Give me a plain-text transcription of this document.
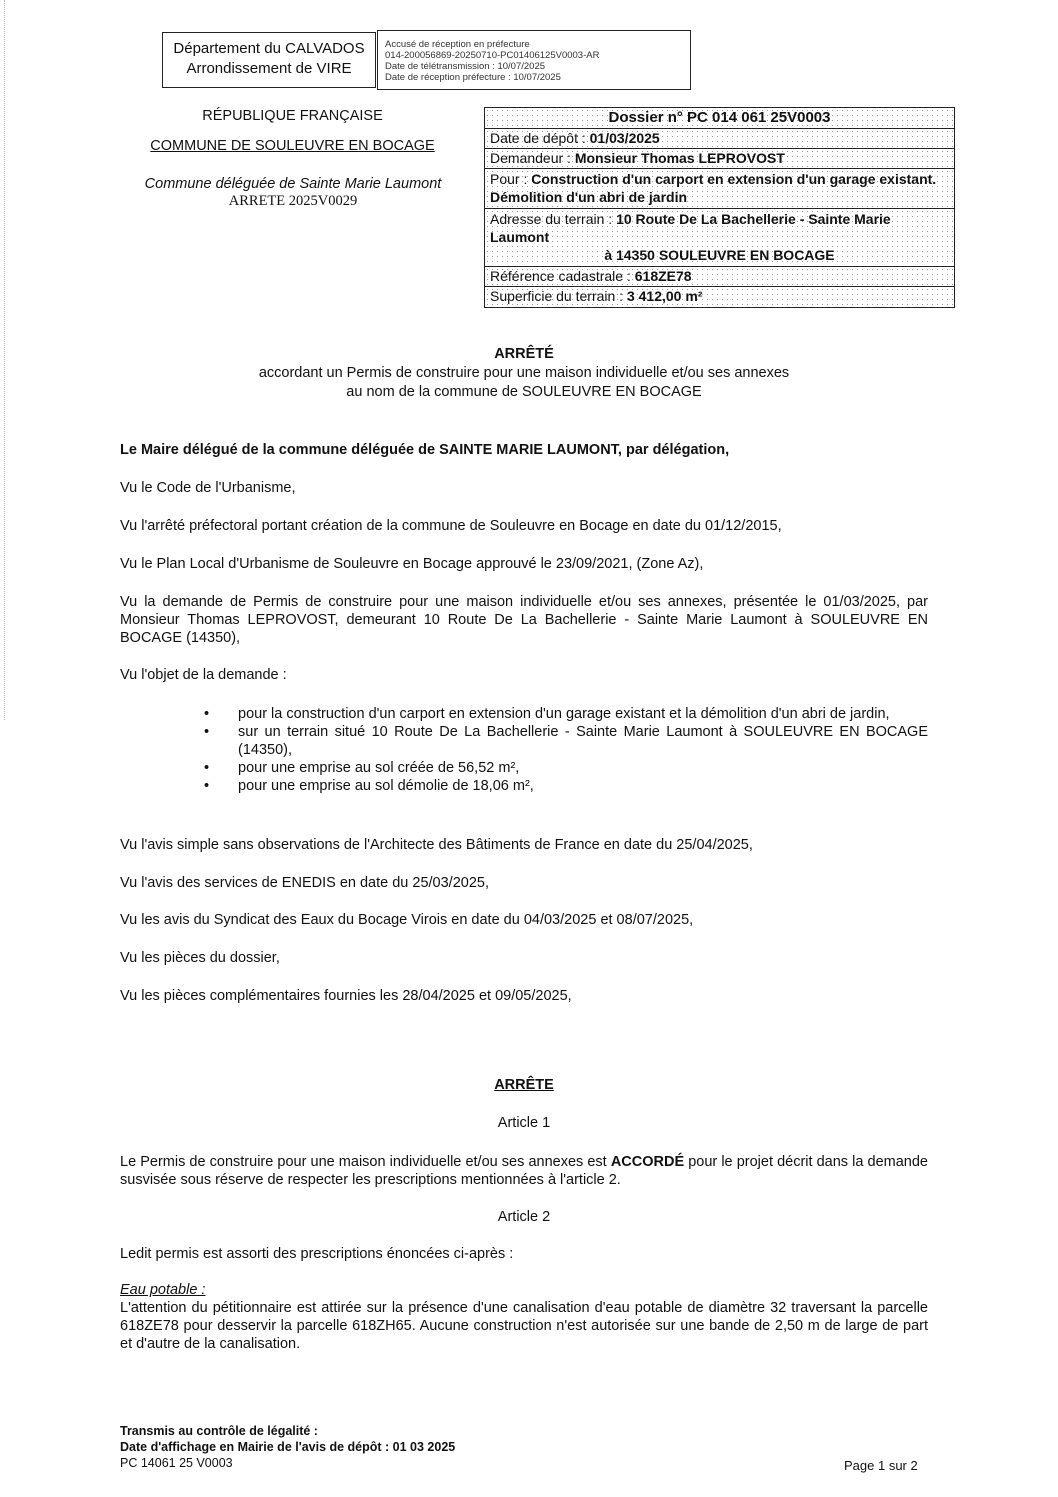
Département du CALVADOS
Arrondissement de VIRE
Accusé de réception en préfecture
014-200056869-20250710-PC01406125V0003-AR
Date de télétransmission : 10/07/2025
Date de réception préfecture : 10/07/2025
RÉPUBLIQUE FRANÇAISE
COMMUNE DE SOULEUVRE EN BOCAGE
Commune déléguée de Sainte Marie Laumont
ARRETE 2025V0029
Dossier n° PC 014 061 25V0003
Date de dépôt : 01/03/2025
Demandeur : Monsieur Thomas LEPROVOST
Pour : Construction d'un carport en extension d'un garage existant. Démolition d'un abri de jardin
Adresse du terrain : 10 Route De La Bachellerie - Sainte Marie Laumont
à 14350 SOULEUVRE EN BOCAGE
Référence cadastrale : 618ZE78
Superficie du terrain : 3 412,00 m²
ARRÊTÉ
accordant un Permis de construire pour une maison individuelle et/ou ses annexes
au nom de la commune de SOULEUVRE EN BOCAGE
Le Maire délégué de la commune déléguée de SAINTE MARIE LAUMONT, par délégation,
Vu le Code de l'Urbanisme,
Vu l'arrêté préfectoral portant création de la commune de Souleuvre en Bocage en date du 01/12/2015,
Vu le Plan Local d'Urbanisme de Souleuvre en Bocage approuvé le 23/09/2021, (Zone Az),
Vu la demande de Permis de construire pour une maison individuelle et/ou ses annexes, présentée le 01/03/2025, par Monsieur Thomas LEPROVOST, demeurant 10 Route De La Bachellerie - Sainte Marie Laumont à SOULEUVRE EN BOCAGE (14350),
Vu l'objet de la demande :
• pour la construction d'un carport en extension d'un garage existant et la démolition d'un abri de jardin,
• sur un terrain situé 10 Route De La Bachellerie - Sainte Marie Laumont à SOULEUVRE EN BOCAGE (14350),
• pour une emprise au sol créée de 56,52 m²,
• pour une emprise au sol démolie de 18,06 m²,
Vu l'avis simple sans observations de l'Architecte des Bâtiments de France en date du 25/04/2025,
Vu l'avis des services de ENEDIS en date du 25/03/2025,
Vu les avis du Syndicat des Eaux du Bocage Virois en date du 04/03/2025 et 08/07/2025,
Vu les pièces du dossier,
Vu les pièces complémentaires fournies les 28/04/2025 et 09/05/2025,
ARRÊTE
Article 1
Le Permis de construire pour une maison individuelle et/ou ses annexes est ACCORDÉ pour le projet décrit dans la demande susvisée sous réserve de respecter les prescriptions mentionnées à l'article 2.
Article 2
Ledit permis est assorti des prescriptions énoncées ci-après :
Eau potable :
L'attention du pétitionnaire est attirée sur la présence d'une canalisation d'eau potable de diamètre 32 traversant la parcelle 618ZE78 pour desservir la parcelle 618ZH65. Aucune construction n'est autorisée sur une bande de 2,50 m de large de part et d'autre de la canalisation.
Transmis au contrôle de légalité :
Date d'affichage en Mairie de l'avis de dépôt : 01 03 2025
PC 14061 25 V0003	Page 1 sur 2
